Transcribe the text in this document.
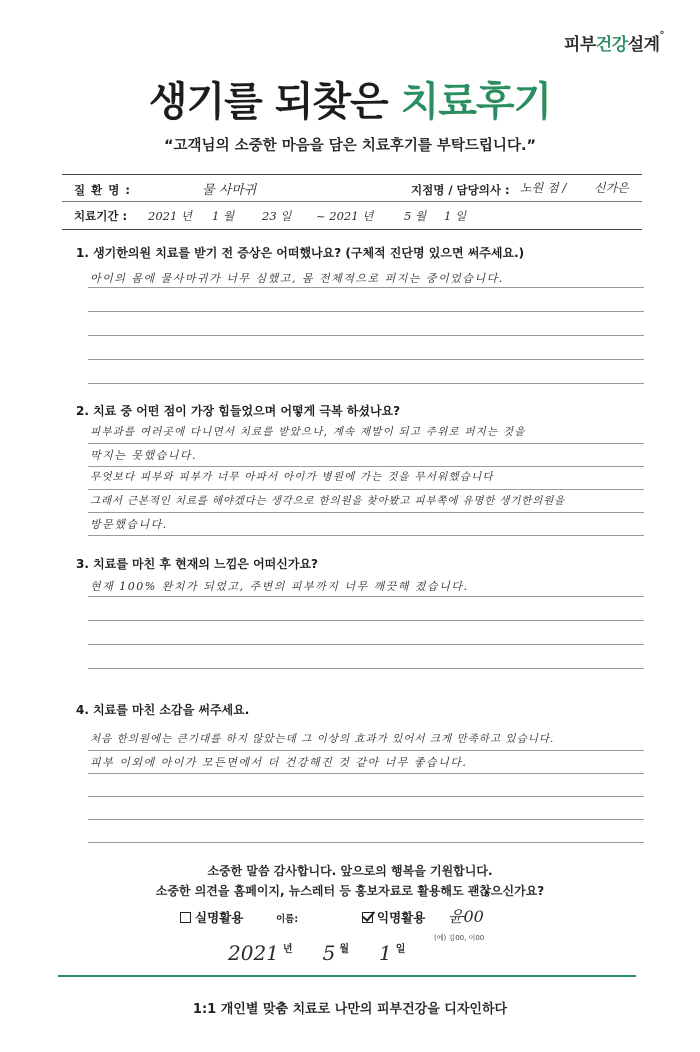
피부건강설계°
생기를 되찾은 치료후기
“고객님의 소중한 마음을 담은 치료후기를 부탁드립니다.”
질 환 명 :	물 사마귀	지점명 / 담당의사 : 노원 점 / 신가은
치료기간 : 2021 년 1 월 23 일 ~ 2021 년	5 월 1 일
1. 생기한의원 치료를 받기 전 증상은 어떠했나요? (구체적 진단명 있으면 써주세요.)
아이의 몸에 물사마귀가 너무 심했고, 몸 전체적으로 퍼지는 중이었습니다.
2. 치료 중 어떤 점이 가장 힘들었으며 어떻게 극복 하셨나요?
피부과를 여러곳에 다니면서 치료를 받았으나, 계속 재발이 되고 주위로 퍼지는 것을
막지는 못했습니다.
무엇보다 피부와 피부가 너무 아파서 아이가 병원에 가는 것을 무서워했습니다
그래서 근본적인 치료를 해야겠다는 생각으로 한의원을 찾아봤고 피부쪽에 유명한 생기한의원을
방문했습니다.
3. 치료를 마친 후 현재의 느낌은 어떠신가요?
현재 100% 완치가 되었고, 주변의 피부까지 너무 깨끗해 졌습니다.
4. 치료를 마친 소감을 써주세요.
처음 한의원에는 큰기대를 하지 않았는데 그 이상의 효과가 있어서 크게 만족하고 있습니다.
피부 이외에 아이가 모든면에서 더 건강해진 것 같아 너무 좋습니다.
소중한 말씀 감사합니다. 앞으로의 행복을 기원합니다.
소중한 의견을 홈페이지, 뉴스레터 등 홍보자료로 활용해도 괜찮으신가요?
실명활용	이름:	익명활용 윤00
(예) 김00, 이00
2021 $^년$ 5 $^월$ 1 $^일$
1:1 개인별 맞춤 치료로 나만의 피부건강을 디자인하다
